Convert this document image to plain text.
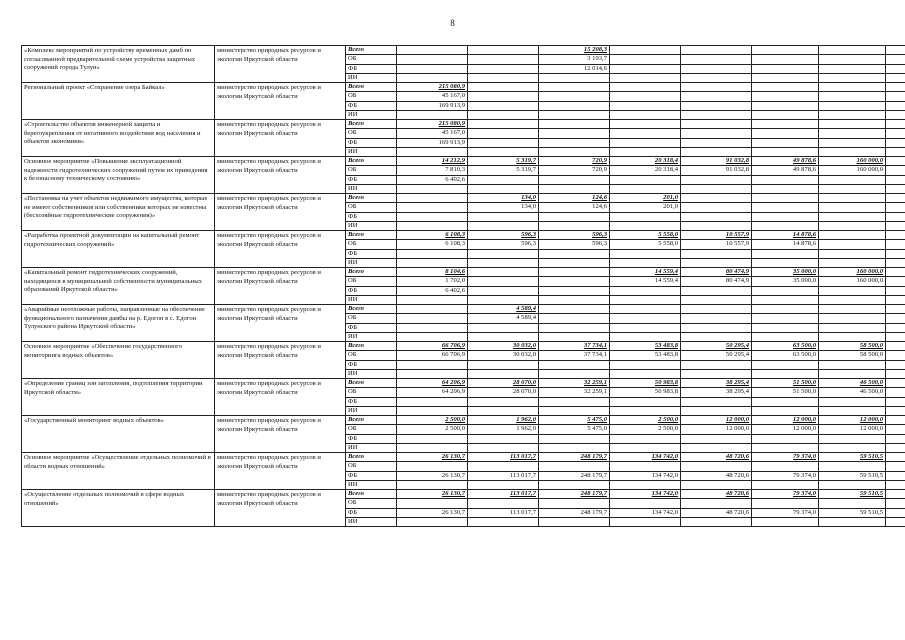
8
«Комплекс мероприятий по устройству временных дамб по согласованной предварительной схеме устройства защитных сооружений города Тулун»	министерство природных ресурсов и экологии Иркутской области	Всего			15 208,3					
		ОБ			3 193,7					
		ФБ			12 014,6					
		ИИ								
Региональный проект «Сохранение озера Байкал»	министерство природных ресурсов и экологии Иркутской области	Всего	215 080,9							
		ОБ	45 167,0							
		ФБ	169 913,9							
		ИИ								
«Строительство объектов инженерной защиты и берегоукрепления от негативного воздействия вод населения и объектов экономики»	министерство природных ресурсов и экологии Иркутской области	Всего	215 080,9							
		ОБ	45 167,0							
		ФБ	169 913,9							
		ИИ								
Основное мероприятие «Повышение эксплуатационной надежности гидротехнических сооружений путем их приведения к безопасному техническому состоянию»	министерство природных ресурсов и экологии Иркутской области	Всего	14 212,9	5 319,7	720,9	20 318,4	91 032,8	49 878,6	160 000,0	
		ОБ	7 810,3	5 319,7	720,9	20 318,4	91 032,8	49 878,6	160 000,0	
		ФБ	6 402,6							
		ИИ								
«Постановка на учет объектов недвижимого имущества, которые не имеют собственников или собственники которых не известны (бесхозяйные гидротехнические сооружения)»	министерство природных ресурсов и экологии Иркутской области	Всего		134,0	124,6	201,0				
		ОБ		134,0	124,6	201,0				
		ФБ								
		ИИ								
«Разработка проектной документации на капитальный ремонт гидротехнических сооружений»	министерство природных ресурсов и экологии Иркутской области	Всего	6 108,3	596,3	596,3	5 558,0	10 557,9	14 878,6		
		ОБ	6 108,3	596,3	596,3	5 558,0	10 557,9	14 878,6		
		ФБ								
		ИИ								
«Капитальный ремонт гидротехнических сооружений, находящихся в муниципальной собственности муниципальных образований Иркутской области»	министерство природных ресурсов и экологии Иркутской области	Всего	8 104,6			14 559,4	80 474,9	35 000,0	160 000,0	
		ОБ	1 702,0			14 559,4	80 474,9	35 000,0	160 000,0	
		ФБ	6 402,6							
		ИИ								
«Аварийные неотложные работы, направленные на обеспечение функционального назначения дамбы на р. Едогон в с. Едогон Тулунского района Иркутской области»	министерство природных ресурсов и экологии Иркутской области	Всего		4 589,4						
		ОБ		4 589,4						
		ФБ								
		ИИ								
Основное мероприятие «Обеспечение государственного мониторинга водных объектов»	министерство природных ресурсов и экологии Иркутской области	Всего	66 706,9	30 032,0	37 734,1	53 483,8	50 295,4	63 500,0	58 500,0	
		ОБ	66 706,9	30 032,0	37 734,1	53 483,8	50 295,4	63 500,0	58 500,0	
		ФБ								
		ИИ								
«Определение границ зон затопления, подтопления территории Иркутской области»	министерство природных ресурсов и экологии Иркутской области	Всего	64 206,9	28 070,0	32 259,1	50 983,8	38 295,4	51 500,0	46 500,0	
		ОБ	64 206,9	28 070,0	32 259,1	50 983,8	38 295,4	51 500,0	46 500,0	
		ФБ								
		ИИ								
«Государственный мониторинг водных объектов»	министерство природных ресурсов и экологии Иркутской области	Всего	2 500,0	1 962,0	5 475,0	2 500,0	12 000,0	12 000,0	12 000,0	
		ОБ	2 500,0	1 962,0	5 475,0	2 500,0	12 000,0	12 000,0	12 000,0	
		ФБ								
		ИИ								
Основное мероприятие «Осуществление отдельных полномочий в области водных отношений»	министерство природных ресурсов и экологии Иркутской области	Всего	26 130,7	113 017,7	248 179,7	134 742,0	48 720,6	79 374,0	59 510,5	
		ОБ								
		ФБ	26 130,7	113 017,7	248 179,7	134 742,0	48 720,6	79 374,0	59 510,5	
		ИИ								
«Осуществление отдельных полномочий в сфере водных отношений»	министерство природных ресурсов и экологии Иркутской области	Всего	26 130,7	113 017,7	248 179,7	134 742,0	48 720,6	79 374,0	59 510,5	
		ОБ								
		ФБ	26 130,7	113 017,7	248 179,7	134 742,0	48 720,6	79 374,0	59 510,5	
		ИИ								
